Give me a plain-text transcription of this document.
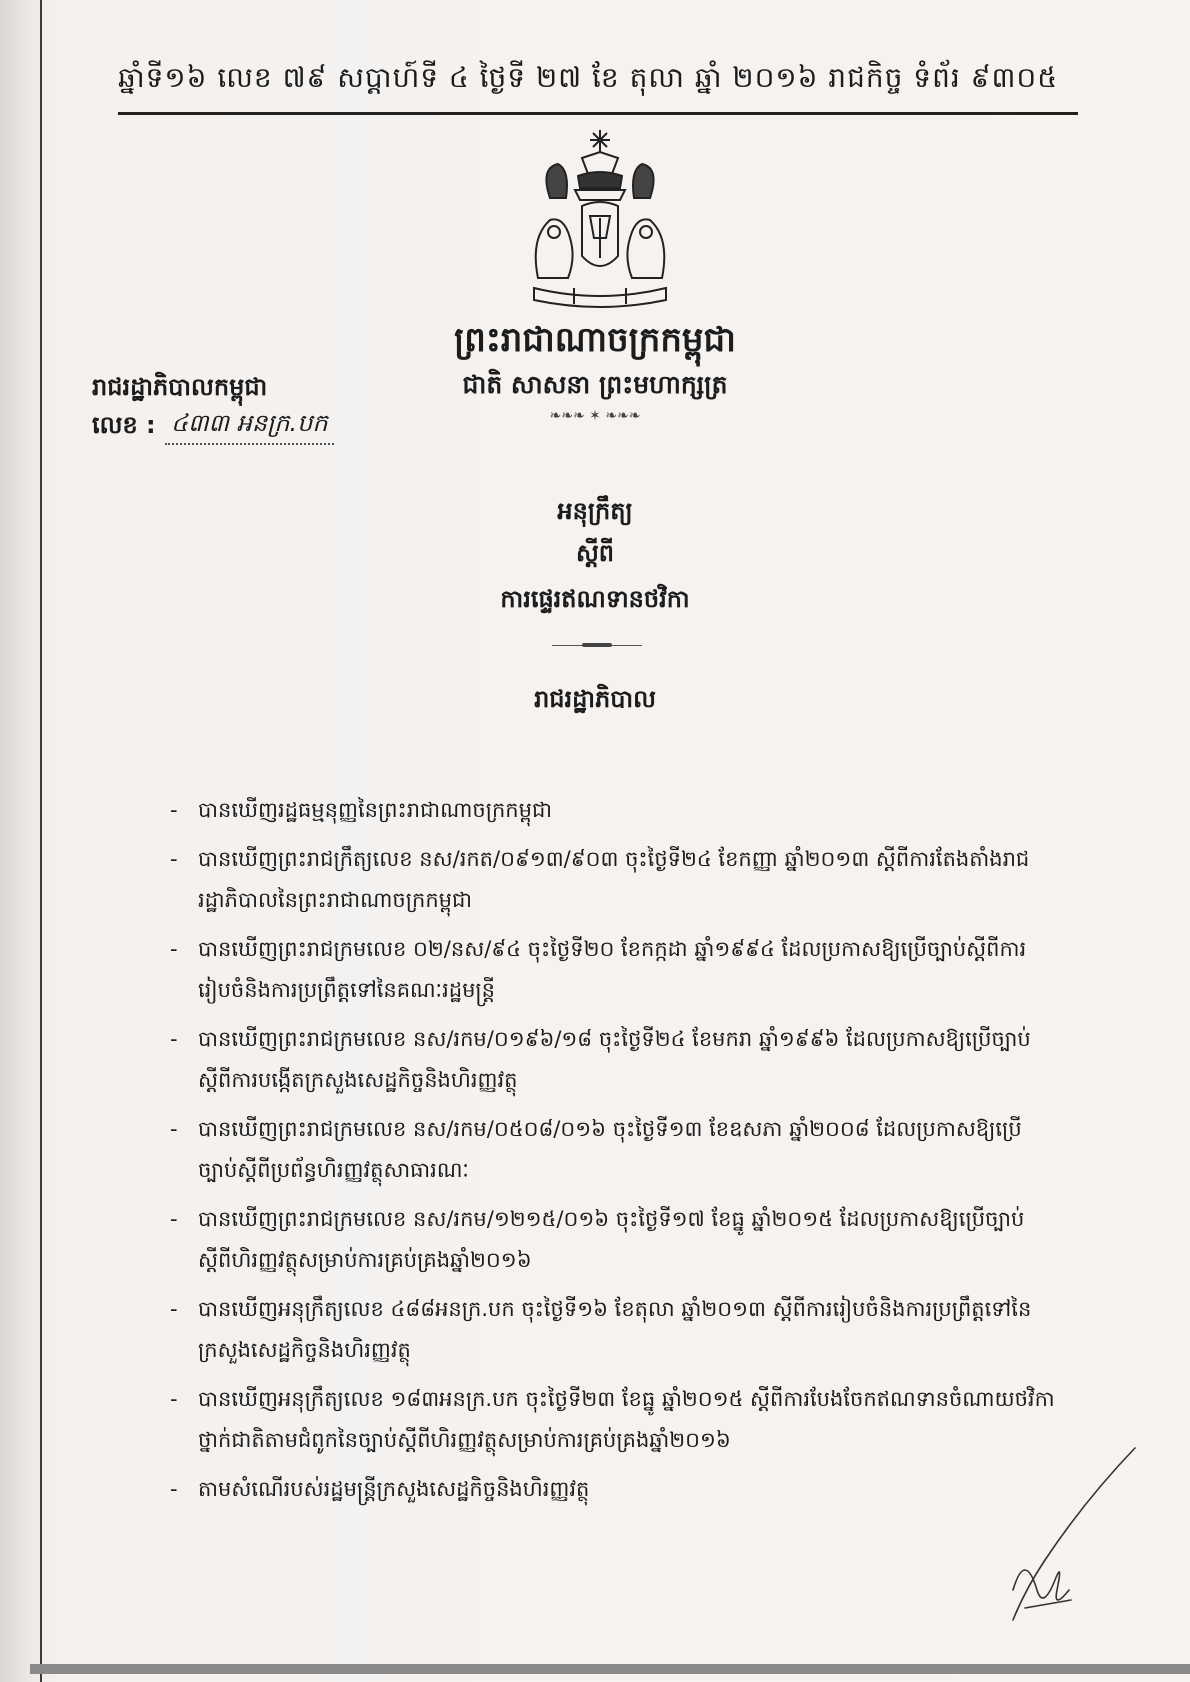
ឆ្នាំទី១៦ លេខ ៧៩ សប្តាហ៍ទី ៤ ថ្ងៃទី ២៧ ខែ តុលា ឆ្នាំ ២០១៦ រាជកិច្ច ទំព័រ ៩៣០៥
ព្រះរាជាណាចក្រកម្ពុជា
ជាតិ សាសនា ព្រះមហាក្សត្រ
❧❧❧ ✶ ❧❧❧
រាជរដ្ឋាភិបាលកម្ពុជា
លេខ : ៤៣៣ អនក្រ.បក
អនុក្រឹត្យ
ស្តីពី
ការផ្ទេរឥណទានថវិកា
រាជរដ្ឋាភិបាល
- បានឃើញរដ្ឋធម្មនុញ្ញនៃព្រះរាជាណាចក្រកម្ពុជា
- បានឃើញព្រះរាជក្រឹត្យលេខ នស/រកត/០៩១៣/៩០៣ ចុះថ្ងៃទី២៤ ខែកញ្ញា ឆ្នាំ២០១៣ ស្តីពីការតែងតាំងរាជរដ្ឋាភិបាលនៃព្រះរាជាណាចក្រកម្ពុជា
- បានឃើញព្រះរាជក្រមលេខ ០២/នស/៩៤ ចុះថ្ងៃទី២០ ខែកក្កដា ឆ្នាំ១៩៩៤ ដែលប្រកាសឱ្យប្រើច្បាប់ស្តីពីការរៀបចំនិងការប្រព្រឹត្តទៅនៃគណៈរដ្ឋមន្ត្រី
- បានឃើញព្រះរាជក្រមលេខ នស/រកម/០១៩៦/១៨ ចុះថ្ងៃទី២៤ ខែមករា ឆ្នាំ១៩៩៦ ដែលប្រកាសឱ្យប្រើច្បាប់ស្តីពីការបង្កើតក្រសួងសេដ្ឋកិច្ចនិងហិរញ្ញវត្ថុ
- បានឃើញព្រះរាជក្រមលេខ នស/រកម/០៥០៨/០១៦ ចុះថ្ងៃទី១៣ ខែឧសភា ឆ្នាំ២០០៨ ដែលប្រកាសឱ្យប្រើច្បាប់ស្តីពីប្រព័ន្ធហិរញ្ញវត្ថុសាធារណៈ
- បានឃើញព្រះរាជក្រមលេខ នស/រកម/១២១៥/០១៦ ចុះថ្ងៃទី១៧ ខែធ្នូ ឆ្នាំ២០១៥ ដែលប្រកាសឱ្យប្រើច្បាប់ស្តីពីហិរញ្ញវត្ថុសម្រាប់ការគ្រប់គ្រងឆ្នាំ២០១៦
- បានឃើញអនុក្រឹត្យលេខ ៤៨៨អនក្រ.បក ចុះថ្ងៃទី១៦ ខែតុលា ឆ្នាំ២០១៣ ស្តីពីការរៀបចំនិងការប្រព្រឹត្តទៅនៃក្រសួងសេដ្ឋកិច្ចនិងហិរញ្ញវត្ថុ
- បានឃើញអនុក្រឹត្យលេខ ១៨៣អនក្រ.បក ចុះថ្ងៃទី២៣ ខែធ្នូ ឆ្នាំ២០១៥ ស្តីពីការបែងចែកឥណទានចំណាយថវិកាថ្នាក់ជាតិតាមជំពូកនៃច្បាប់ស្តីពីហិរញ្ញវត្ថុសម្រាប់ការគ្រប់គ្រងឆ្នាំ២០១៦
- តាមសំណើរបស់រដ្ឋមន្ត្រីក្រសួងសេដ្ឋកិច្ចនិងហិរញ្ញវត្ថុ
